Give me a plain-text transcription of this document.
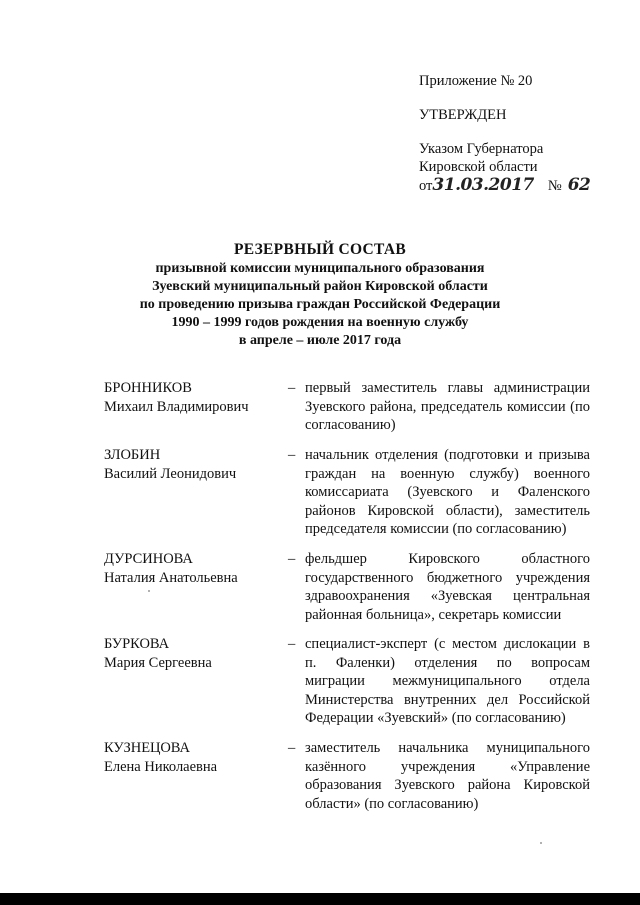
Приложение № 20
УТВЕРЖДЕН
Указом Губернатора
Кировской области
от31.03.2017 № 62
РЕЗЕРВНЫЙ СОСТАВ
призывной комиссии муниципального образования
Зуевский муниципальный район Кировской области
по проведению призыва граждан Российской Федерации
1990 – 1999 годов рождения на военную службу
в апреле – июле 2017 года
БРОННИКОВ
Михаил Владимирович
– первый заместитель главы администрации Зуевского района, председатель комиссии (по согласованию)
ЗЛОБИН
Василий Леонидович
– начальник отделения (подготовки и призыва граждан на военную службу) военного комиссариата (Зуевского и Фаленского районов Кировской области), заместитель председателя комиссии (по согласованию)
ДУРСИНОВА
Наталия Анатольевна
– фельдшер Кировского областного государственного бюджетного учреждения здравоохранения «Зуевская центральная районная больница», секретарь комиссии
БУРКОВА
Мария Сергеевна
– специалист-эксперт (с местом дислокации в п. Фаленки) отделения по вопросам миграции межмуниципального отдела Министерства внутренних дел Российской Федерации «Зуевский» (по согласованию)
КУЗНЕЦОВА
Елена Николаевна
– заместитель начальника муниципального казённого учреждения «Управление образования Зуевского района Кировской области» (по согласованию)
